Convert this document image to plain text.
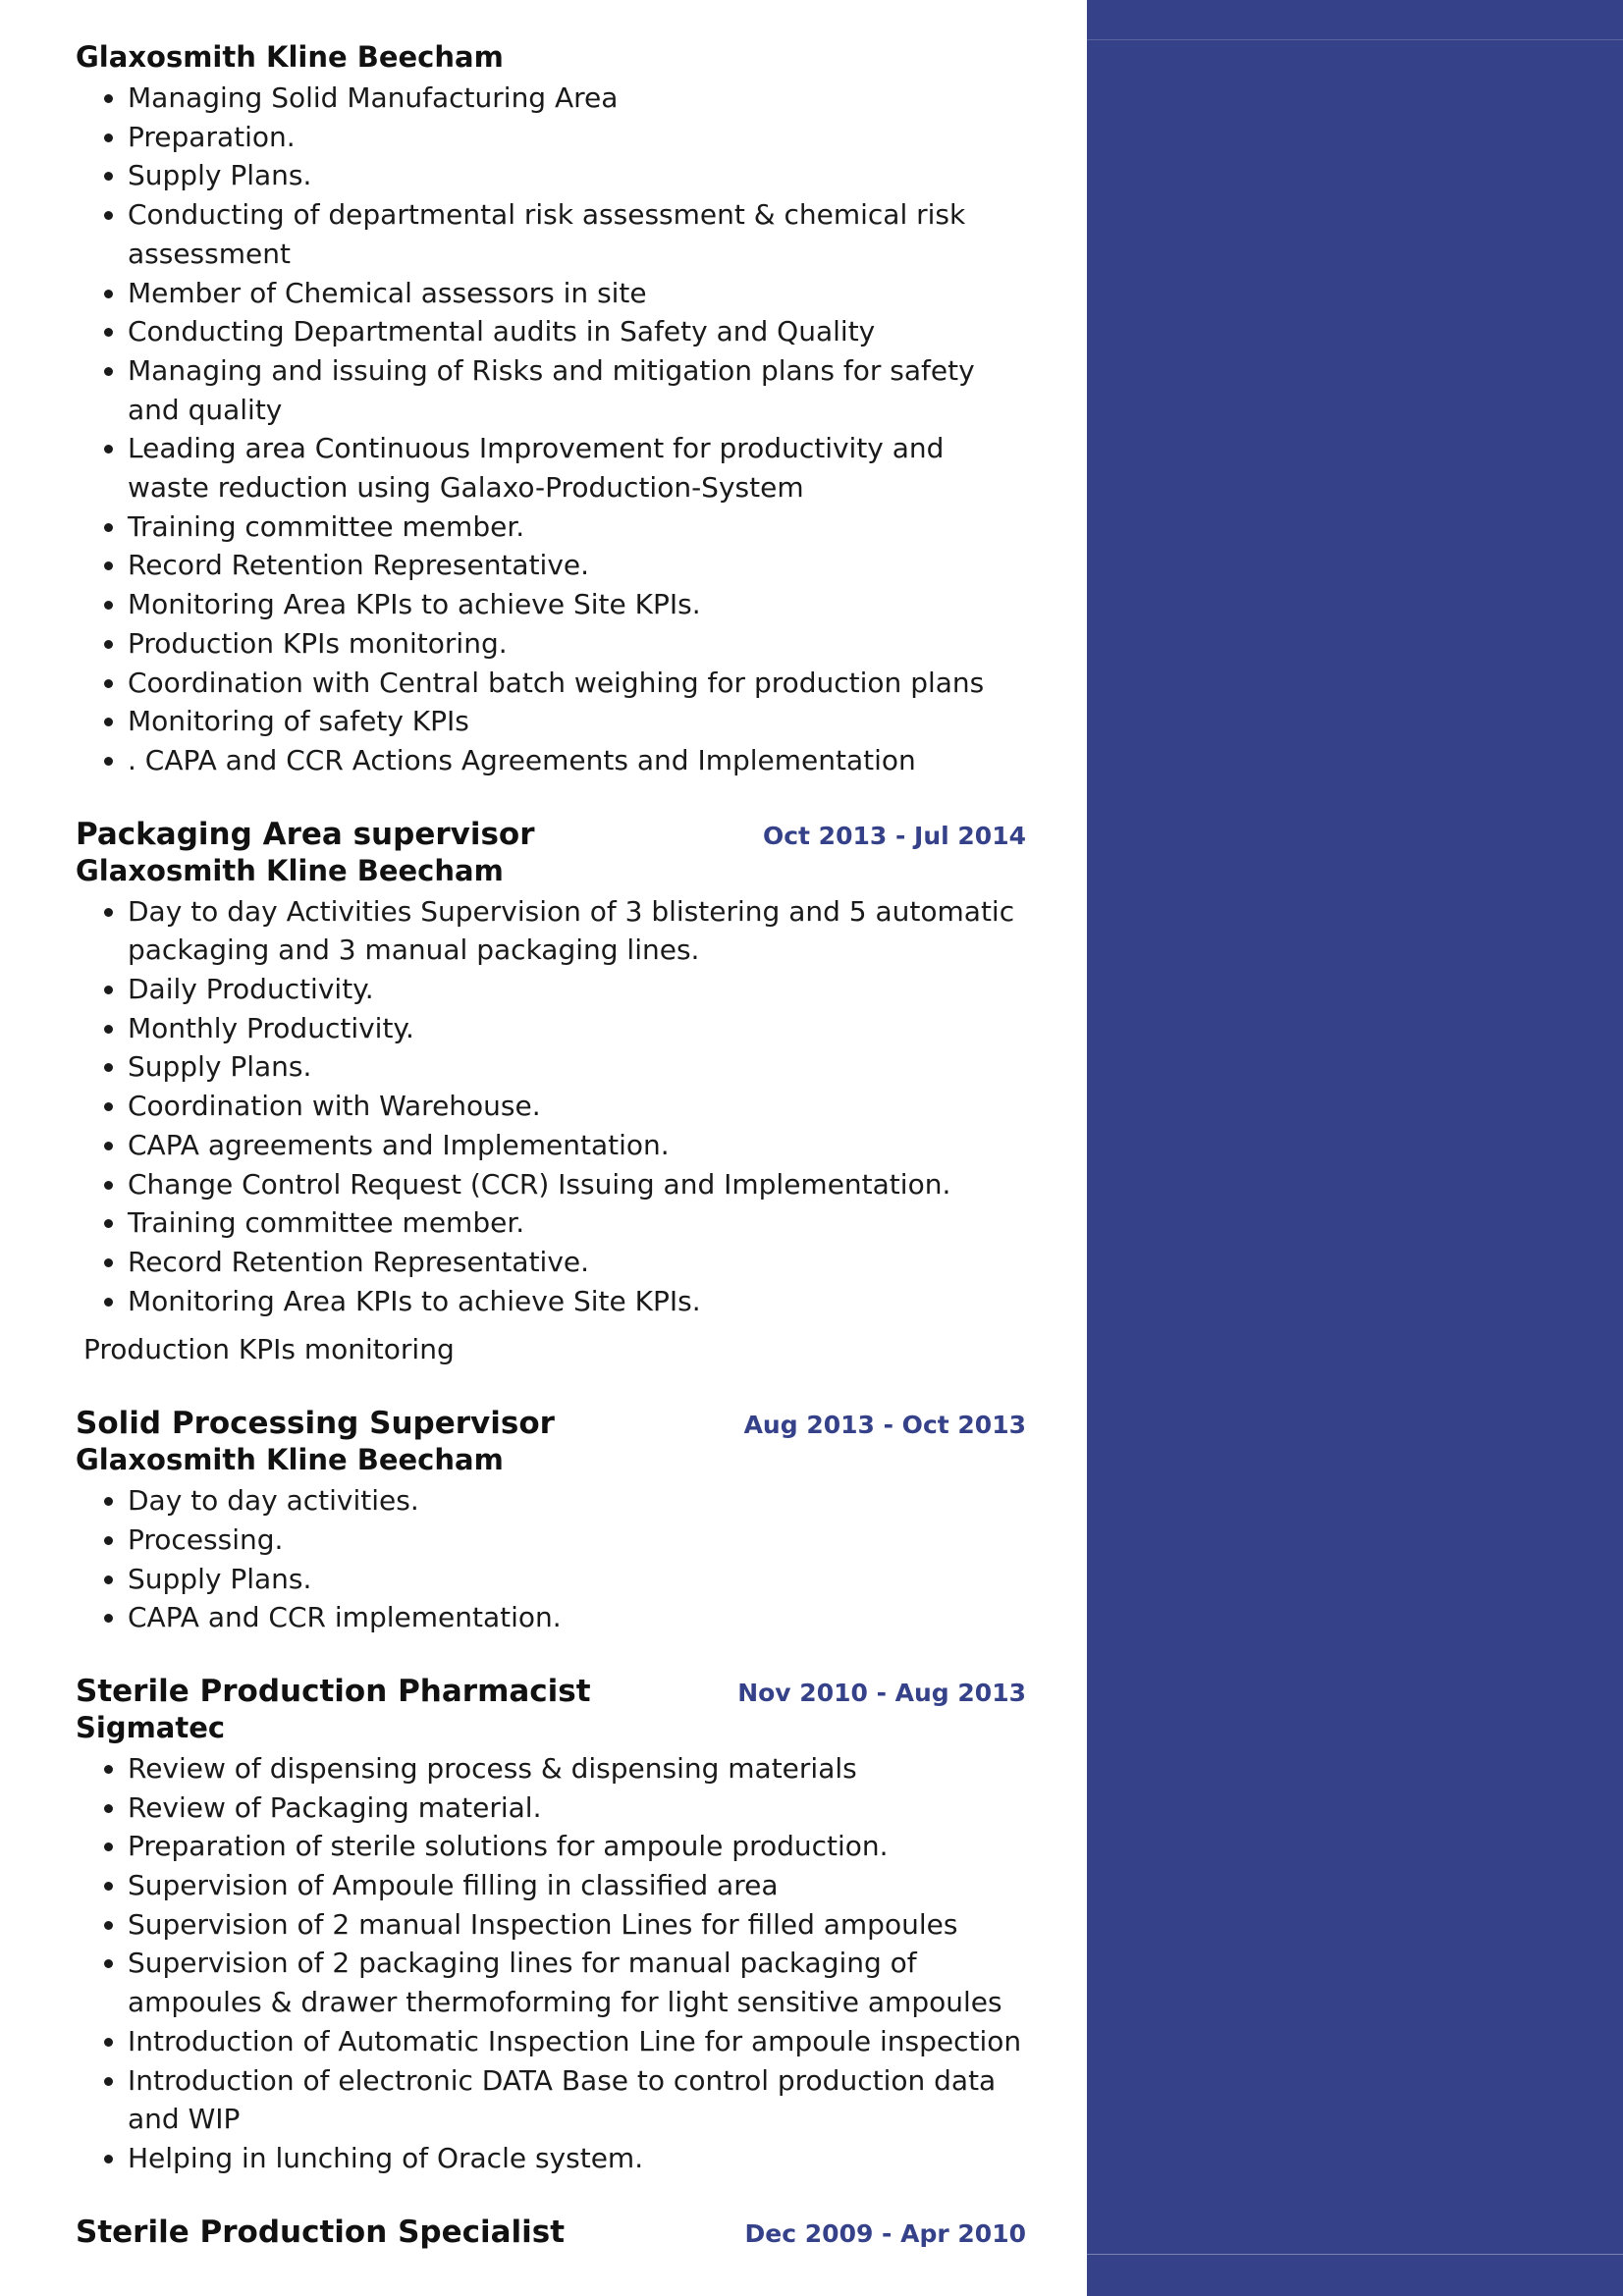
Glaxosmith Kline Beecham
• Managing Solid Manufacturing Area
• Preparation.
• Supply Plans.
• Conducting of departmental risk assessment & chemical risk assessment
• Member of Chemical assessors in site
• Conducting Departmental audits in Safety and Quality
• Managing and issuing of Risks and mitigation plans for safety and quality
• Leading area Continuous Improvement for productivity and waste reduction using Galaxo-Production-System
• Training committee member.
• Record Retention Representative.
• Monitoring Area KPIs to achieve Site KPIs.
• Production KPIs monitoring.
• Coordination with Central batch weighing for production plans
• Monitoring of safety KPIs
• . CAPA and CCR Actions Agreements and Implementation
Packaging Area supervisor	Oct 2013 - Jul 2014
Glaxosmith Kline Beecham
• Day to day Activities Supervision of 3 blistering and 5 automatic packaging and 3 manual packaging lines.
• Daily Productivity.
• Monthly Productivity.
• Supply Plans.
• Coordination with Warehouse.
• CAPA agreements and Implementation.
• Change Control Request (CCR) Issuing and Implementation.
• Training committee member.
• Record Retention Representative.
• Monitoring Area KPIs to achieve Site KPIs.
Production KPIs monitoring
Solid Processing Supervisor	Aug 2013 - Oct 2013
Glaxosmith Kline Beecham
• Day to day activities.
• Processing.
• Supply Plans.
• CAPA and CCR implementation.
Sterile Production Pharmacist	Nov 2010 - Aug 2013
Sigmatec
• Review of dispensing process & dispensing materials
• Review of Packaging material.
• Preparation of sterile solutions for ampoule production.
• Supervision of Ampoule filling in classified area
• Supervision of 2 manual Inspection Lines for filled ampoules
• Supervision of 2 packaging lines for manual packaging of ampoules & drawer thermoforming for light sensitive ampoules
• Introduction of Automatic Inspection Line for ampoule inspection
• Introduction of electronic DATA Base to control production data and WIP
• Helping in lunching of Oracle system.
Sterile Production Specialist	Dec 2009 - Apr 2010
